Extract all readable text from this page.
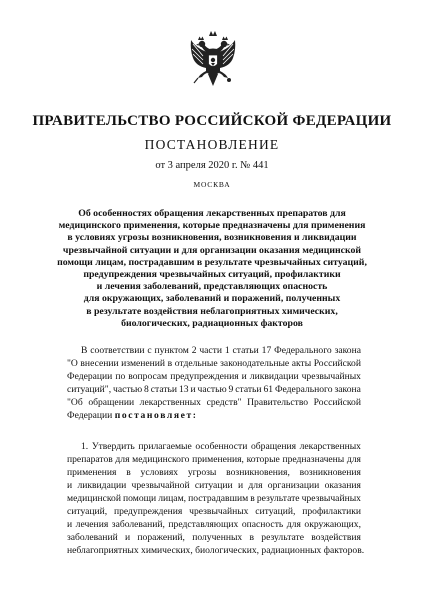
ПРАВИТЕЛЬСТВО РОССИЙСКОЙ ФЕДЕРАЦИИ
ПОСТАНОВЛЕНИЕ
от 3 апреля 2020 г. № 441
МОСКВА
Об особенностях обращения лекарственных препаратов для
медицинского применения, которые предназначены для применения
в условиях угрозы возникновения, возникновения и ликвидации
чрезвычайной ситуации и для организации оказания медицинской
помощи лицам, пострадавшим в результате чрезвычайных ситуаций,
предупреждения чрезвычайных ситуаций, профилактики
и лечения заболеваний, представляющих опасность
для окружающих, заболеваний и поражений, полученных
в результате воздействия неблагоприятных химических,
биологических, радиационных факторов
В соответствии с пунктом 2 части 1 статьи 17 Федерального закона
"О внесении изменений в отдельные законодательные акты Российской
Федерации по вопросам предупреждения и ликвидации чрезвычайных
ситуаций", частью 8 статьи 13 и частью 9 статьи 61 Федерального закона
"Об обращении лекарственных средств" Правительство Российской
Федерации
постановляет:
1. Утвердить прилагаемые особенности обращения лекарственных
препаратов для медицинского применения, которые предназначены для
применения в условиях угрозы возникновения, возникновения
и ликвидации чрезвычайной ситуации и для организации оказания
медицинской помощи лицам, пострадавшим в результате чрезвычайных
ситуаций, предупреждения чрезвычайных ситуаций, профилактики
и лечения заболеваний, представляющих опасность для окружающих,
заболеваний и поражений, полученных в результате воздействия
неблагоприятных химических, биологических, радиационных факторов.
